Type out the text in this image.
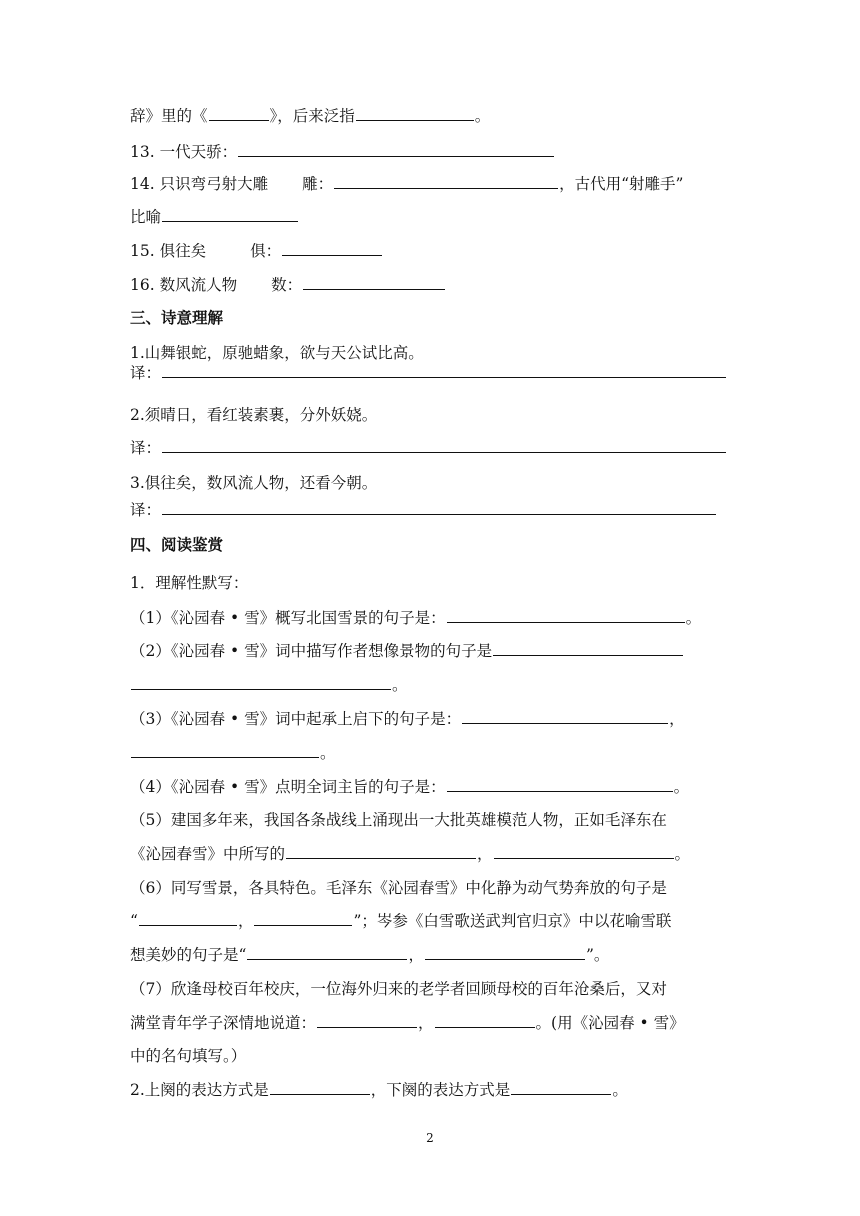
辞》里的《	》，后来泛指	。
13. 一代天骄：
14. 只识弯弓射大雕 雕：	，古代用“射雕手”
比喻
15. 俱往矣	俱：
16. 数风流人物 数：
三、诗意理解
1.山舞银蛇，原驰蜡象，欲与天公试比高。
译：
2.须晴日，看红装素裹，分外妖娆。
译：
3.俱往矣，数风流人物，还看今朝。
译：
四、阅读鉴赏
1．理解性默写：
（1）《沁园春 • 雪》概写北国雪景的句子是：	。
（2）《沁园春 • 雪》词中描写作者想像景物的句子是
。
（3）《沁园春 • 雪》词中起承上启下的句子是：	，
。
（4）《沁园春 • 雪》点明全词主旨的句子是：	。
（5）建国多年来，我国各条战线上涌现出一大批英雄模范人物，正如毛泽东在
《沁园春雪》中所写的	，	。
（6）同写雪景，各具特色。毛泽东《沁园春雪》中化静为动气势奔放的句子是
“	，	”；岑参《白雪歌送武判官归京》中以花喻雪联
想美妙的句子是“	，	”。
（7）欣逢母校百年校庆，一位海外归来的老学者回顾母校的百年沧桑后，又对
满堂青年学子深情地说道：	，	。(用《沁园春 • 雪》
中的名句填写。）
2.上阕的表达方式是	，下阕的表达方式是	。
2
